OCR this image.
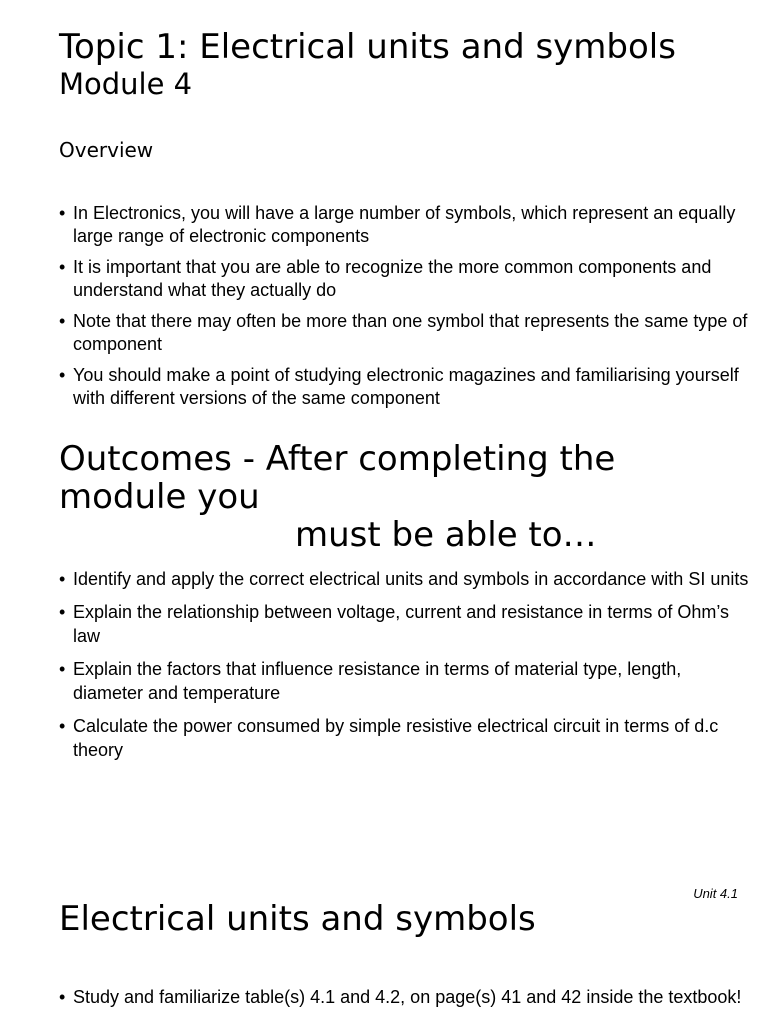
Topic 1: Electrical units and symbols
Module 4
Overview
• In Electronics, you will have a large number of symbols, which represent an equally large range of electronic components
• It is important that you are able to recognize the more common components and understand what they actually do
• Note that there may often be more than one symbol that represents the same type of component
• You should make a point of studying electronic magazines and familiarising yourself with different versions of the same component
Outcomes - After completing the
module you
must be able to…
• Identify and apply the correct electrical units and symbols in accordance with SI units
• Explain the relationship between voltage, current and resistance in terms of Ohm’s law
• Explain the factors that influence resistance in terms of material type, length, diameter and temperature
• Calculate the power consumed by simple resistive electrical circuit in terms of d.c theory
Unit 4.1
Electrical units and symbols
• Study and familiarize table(s) 4.1 and 4.2, on page(s) 41 and 42 inside the textbook!
